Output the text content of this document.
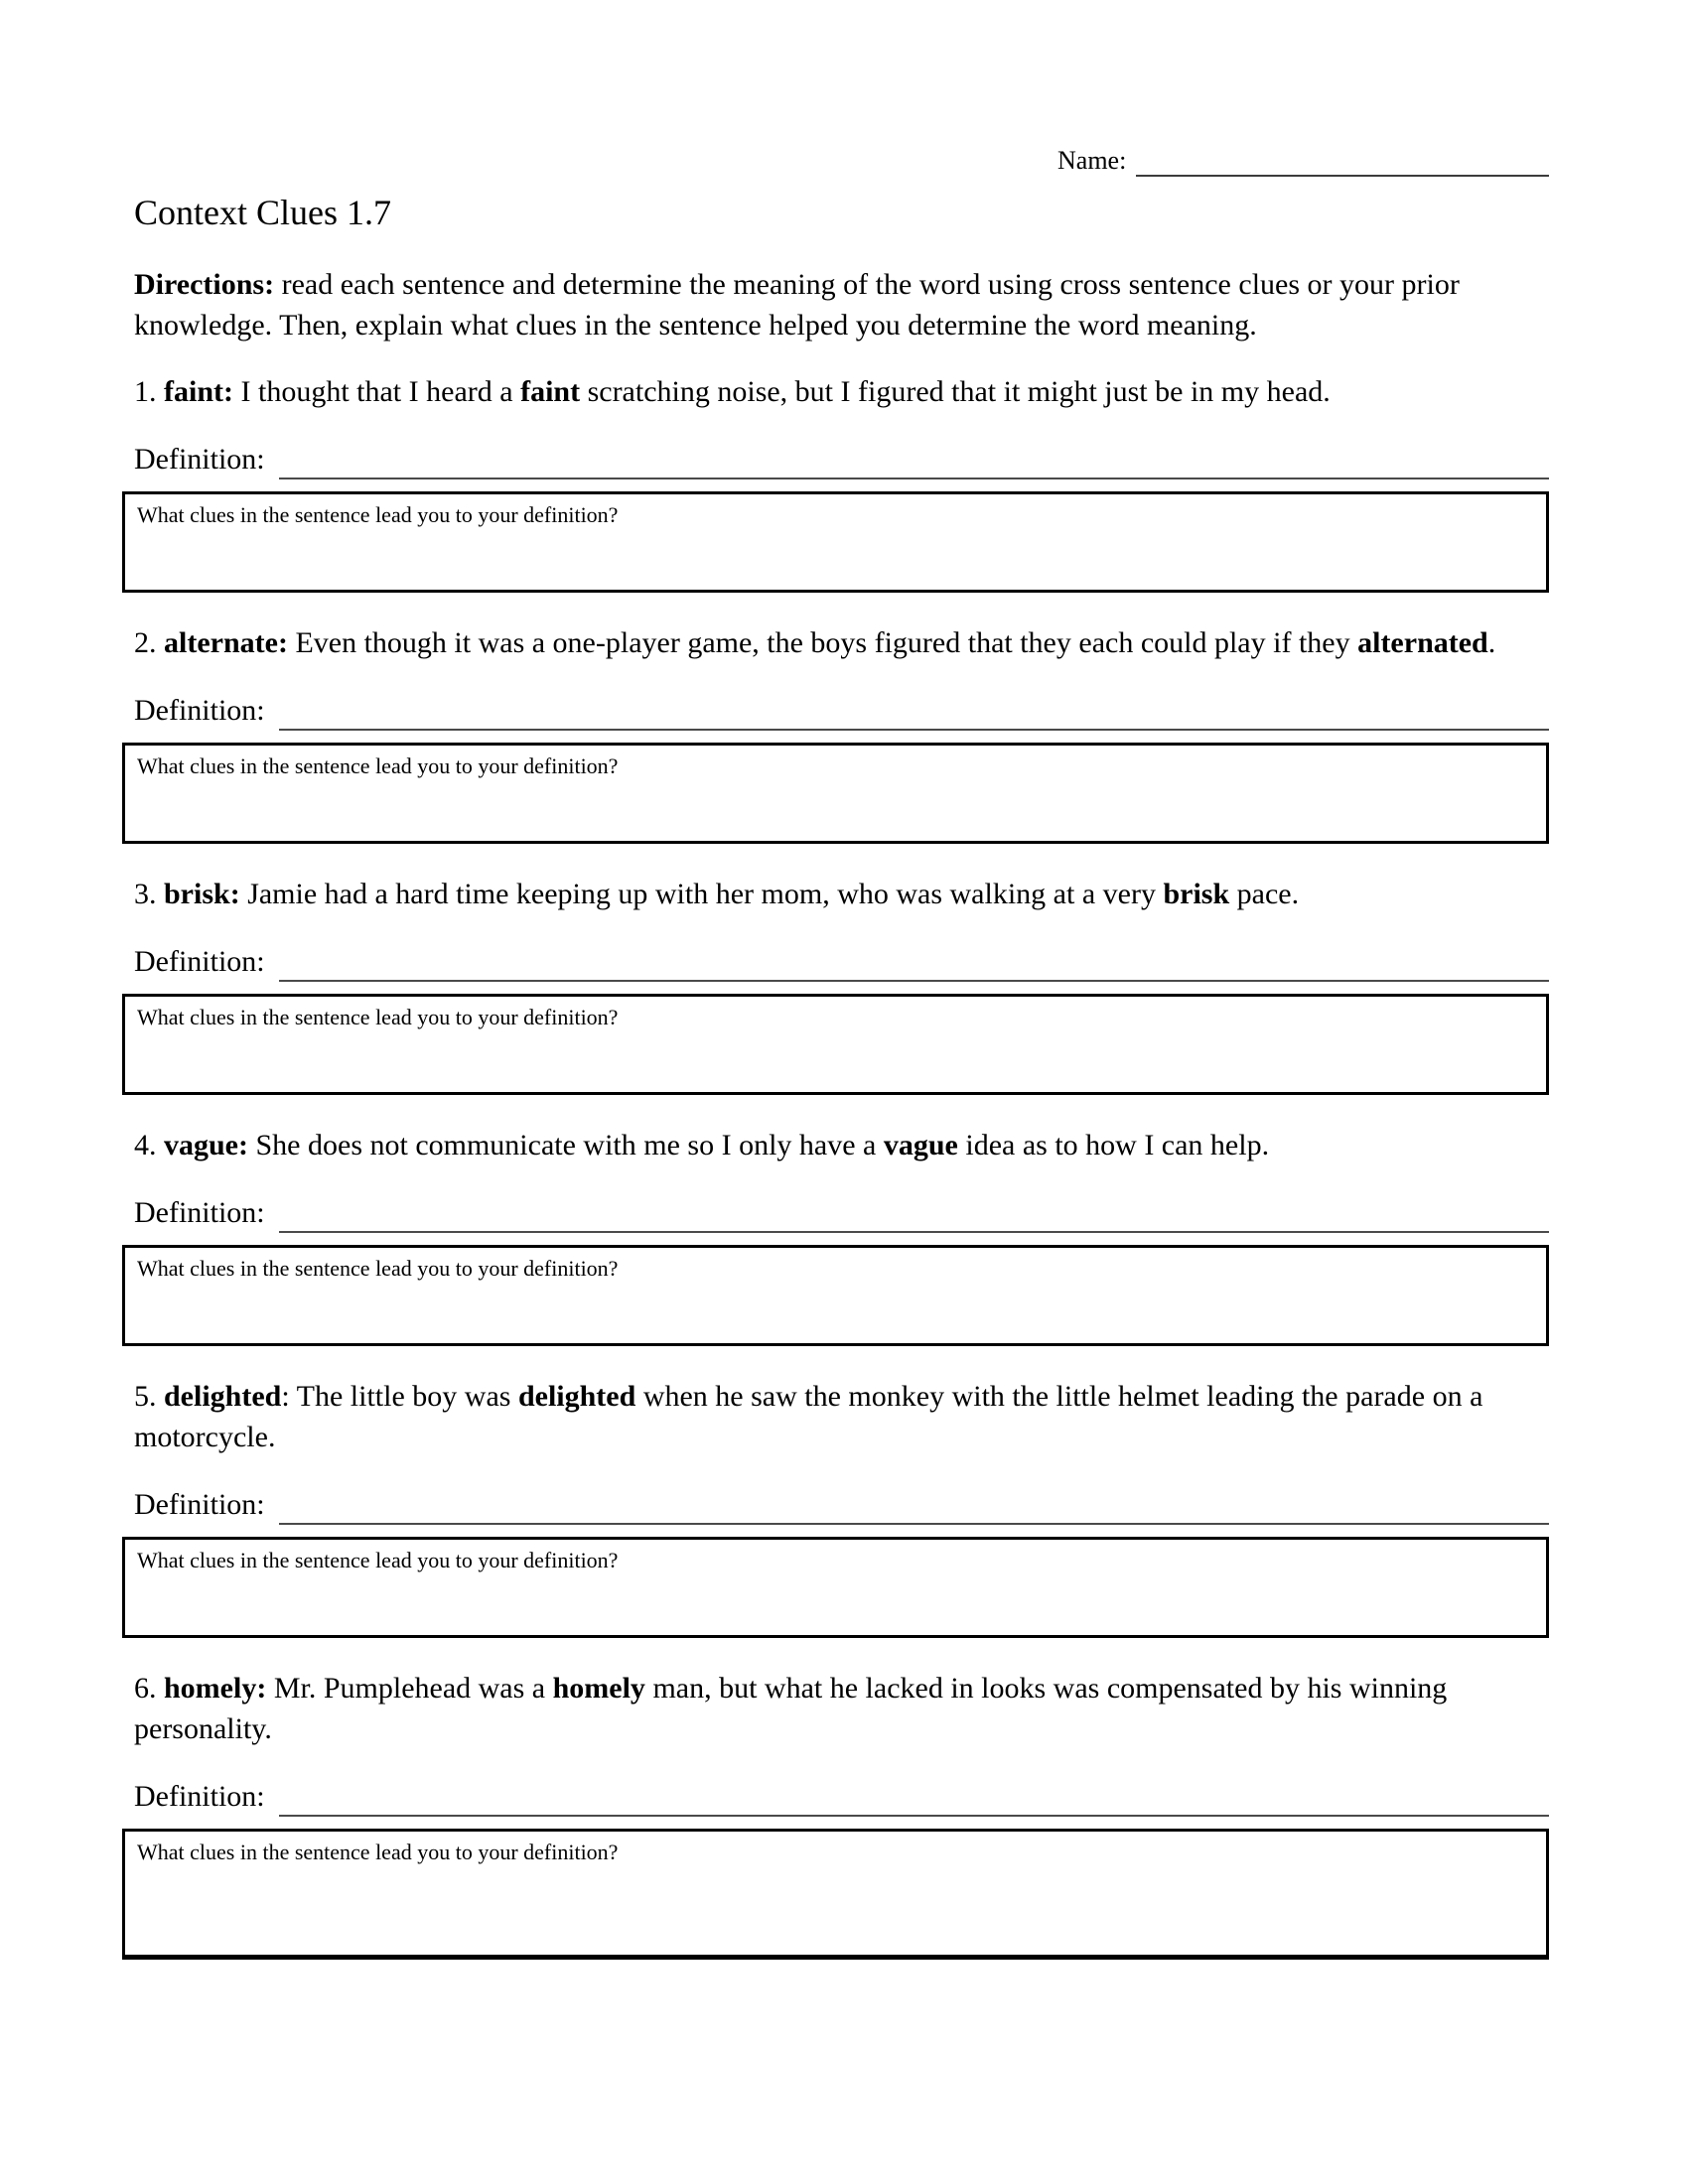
Name:
Context Clues 1.7

Directions: read each sentence and determine the meaning of the word using cross sentence clues or your prior knowledge. Then, explain what clues in the sentence helped you determine the word meaning.

1. faint: I thought that I heard a faint scratching noise, but I figured that it might just be in my head.

Definition:

What clues in the sentence lead you to your definition?

2. alternate: Even though it was a one-player game, the boys figured that they each could play if they alternated.

Definition:

What clues in the sentence lead you to your definition?

3. brisk: Jamie had a hard time keeping up with her mom, who was walking at a very brisk pace.

Definition:

What clues in the sentence lead you to your definition?

4. vague: She does not communicate with me so I only have a vague idea as to how I can help.

Definition:

What clues in the sentence lead you to your definition?

5. delighted: The little boy was delighted when he saw the monkey with the little helmet leading the parade on a motorcycle.

Definition:

What clues in the sentence lead you to your definition?

6. homely: Mr. Pumplehead was a homely man, but what he lacked in looks was compensated by his winning personality.

Definition:

What clues in the sentence lead you to your definition?
